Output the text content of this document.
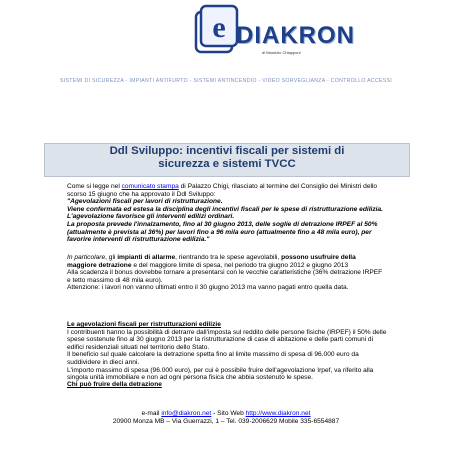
e DIAKRON
di Maurizio Chiapponi
SISTEMI DI SICUREZZA - IMPIANTI ANTIFURTO - SISTEMI ANTINCENDIO - VIDEO SORVEGLIANZA - CONTROLLO ACCESSI
Ddl Sviluppo: incentivi fiscali per sistemi di
sicurezza e sistemi TVCC
Come si legge nel comunicato stampa di Palazzo Chigi, rilasciato al termine del Consiglio dei Ministri dello scorso 15 giugno che ha approvato il Ddl Sviluppo:
"Agevolazioni fiscali per lavori di ristrutturazione.
Viene confermata ed estesa la disciplina degli incentivi fiscali per le spese di ristrutturazione edilizia. L'agevolazione favorisce gli interventi edilizi ordinari.
La proposta prevede l'innalzamento, fino al 30 giugno 2013, delle soglie di detrazione IRPEF al 50% (attualmente è prevista al 36%) per lavori fino a 96 mila euro (attualmente fino a 48 mila euro), per favorire interventi di ristrutturazione edilizia."
In particolare, gli impianti di allarme, rientrando tra le spese agevolabili, possono usufruire della maggiore detrazione e del maggiore limite di spesa, nel periodo tra giugno 2012 e giugno 2013
Alla scadenza il bonus dovrebbe tornare a presentarsi con le vecchie caratteristiche (36% detrazione IRPEF e tetto massimo di 48 mila euro).
Attenzione: i lavori non vanno ultimati entro il 30 giugno 2013 ma vanno pagati entro quella data.
Le agevolazioni fiscali per ristrutturazioni edilizie
I contribuenti hanno la possibilità di detrarre dall'imposta sul reddito delle persone fisiche (IRPEF) il 50% delle spese sostenute fino al 30 giugno 2013 per la ristrutturazione di case di abitazione e delle parti comuni di edifici residenziali situati nel territorio dello Stato.
Il beneficio sul quale calcolare la detrazione spetta fino al limite massimo di spesa di 96.000 euro da suddividere in dieci anni.
L'importo massimo di spesa (96.000 euro), per cui è possibile fruire dell'agevolazione Irpef, va riferito alla singola unità immobiliare e non ad ogni persona fisica che abbia sostenuto le spese.
Chi può fruire della detrazione
e-mail info@diakron.net - Sito Web http://www.diakron.net
20900 Monza MB – Via Guerrazzi, 1 – Tel. 039-2006629 Mobile 335-6554887
